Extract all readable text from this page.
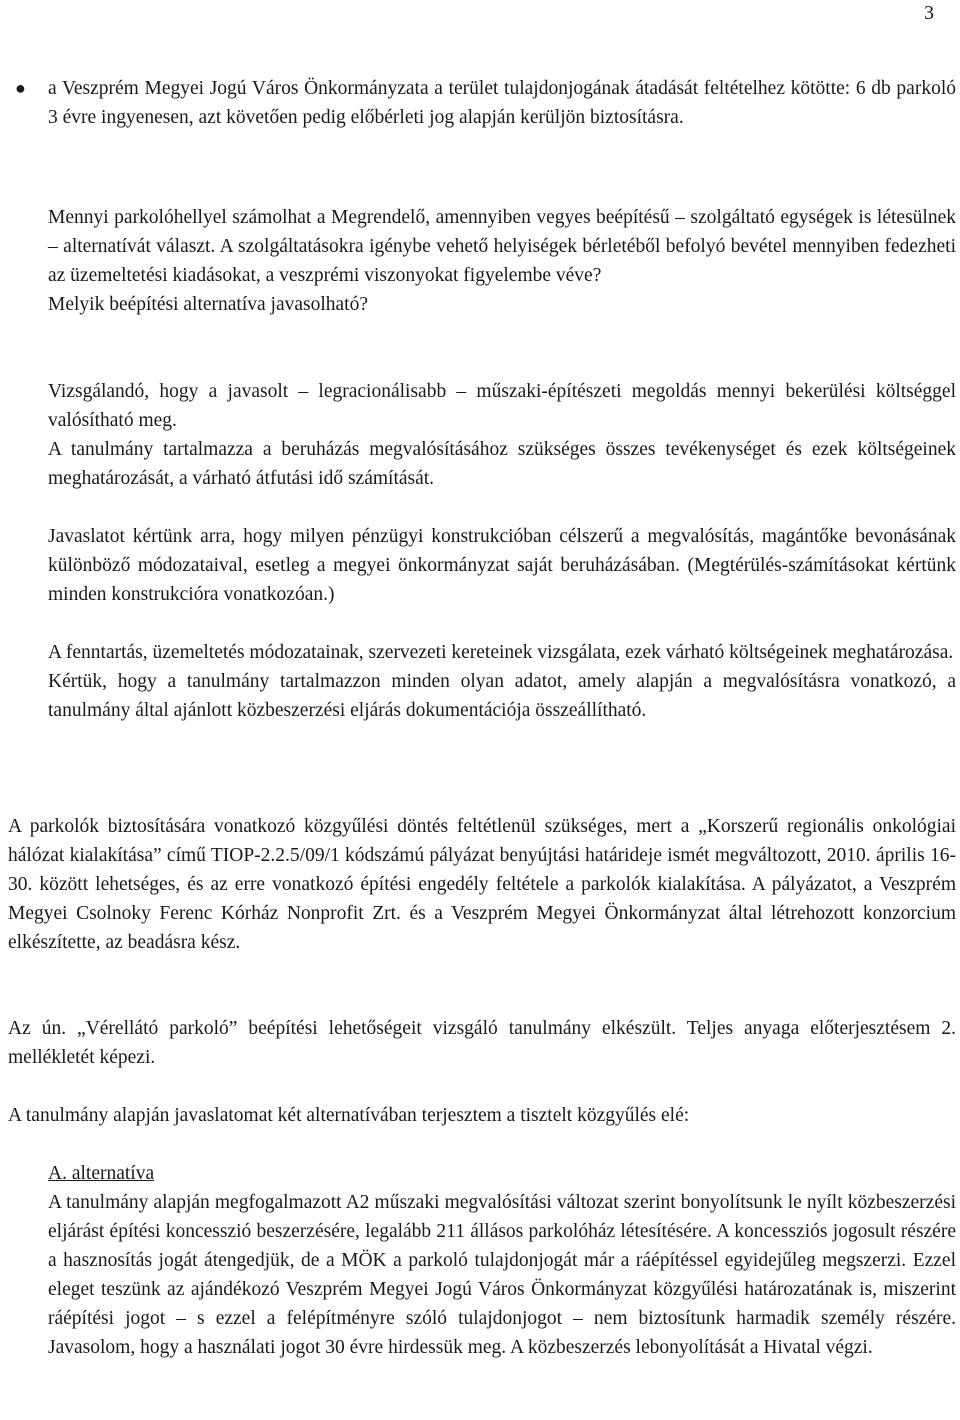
3
● a Veszprém Megyei Jogú Város Önkormányzata a terület tulajdonjogának átadását feltételhez kötötte: 6 db parkoló 3 évre ingyenesen, azt követően pedig előbérleti jog alapján kerüljön biztosításra.

Mennyi parkolóhellyel számolhat a Megrendelő, amennyiben vegyes beépítésű – szolgáltató egységek is létesülnek – alternatívát választ. A szolgáltatásokra igénybe vehető helyiségek bérletéből befolyó bevétel mennyiben fedezheti az üzemeltetési kiadásokat, a veszprémi viszonyokat figyelembe véve?

Melyik beépítési alternatíva javasolható?

Vizsgálandó, hogy a javasolt – legracionálisabb – műszaki-építészeti megoldás mennyi bekerülési költséggel valósítható meg.

A tanulmány tartalmazza a beruházás megvalósításához szükséges összes tevékenységet és ezek költségeinek meghatározását, a várható átfutási idő számítását.

Javaslatot kértünk arra, hogy milyen pénzügyi konstrukcióban célszerű a megvalósítás, magántőke bevonásának különböző módozataival, esetleg a megyei önkormányzat saját beruházásában. (Megtérülés-számításokat kértünk minden konstrukcióra vonatkozóan.)

A fenntartás, üzemeltetés módozatainak, szervezeti kereteinek vizsgálata, ezek várható költségeinek meghatározása.

Kértük, hogy a tanulmány tartalmazzon minden olyan adatot, amely alapján a megvalósításra vonatkozó, a tanulmány által ajánlott közbeszerzési eljárás dokumentációja összeállítható.

A parkolók biztosítására vonatkozó közgyűlési döntés feltétlenül szükséges, mert a „Korszerű regionális onkológiai hálózat kialakítása” című TIOP-2.2.5/09/1 kódszámú pályázat benyújtási határideje ismét megváltozott, 2010. április 16-30. között lehetséges, és az erre vonatkozó építési engedély feltétele a parkolók kialakítása. A pályázatot, a Veszprém Megyei Csolnoky Ferenc Kórház Nonprofit Zrt. és a Veszprém Megyei Önkormányzat által létrehozott konzorcium elkészítette, az beadásra kész.

Az ún. „Vérellátó parkoló” beépítési lehetőségeit vizsgáló tanulmány elkészült. Teljes anyaga előterjesztésem 2. mellékletét képezi.

A tanulmány alapján javaslatomat két alternatívában terjesztem a tisztelt közgyűlés elé:

A. alternatíva

A tanulmány alapján megfogalmazott A2 műszaki megvalósítási változat szerint bonyolítsunk le nyílt közbeszerzési eljárást építési koncesszió beszerzésére, legalább 211 állásos parkolóház létesítésére. A koncessziós jogosult részére a hasznosítás jogát átengedjük, de a MÖK a parkoló tulajdonjogát már a ráépítéssel egyidejűleg megszerzi. Ezzel eleget teszünk az ajándékozó Veszprém Megyei Jogú Város Önkormányzat közgyűlési határozatának is, miszerint ráépítési jogot – s ezzel a felépítményre szóló tulajdonjogot – nem biztosítunk harmadik személy részére. Javasolom, hogy a használati jogot 30 évre hirdessük meg. A közbeszerzés lebonyolítását a Hivatal végzi.
